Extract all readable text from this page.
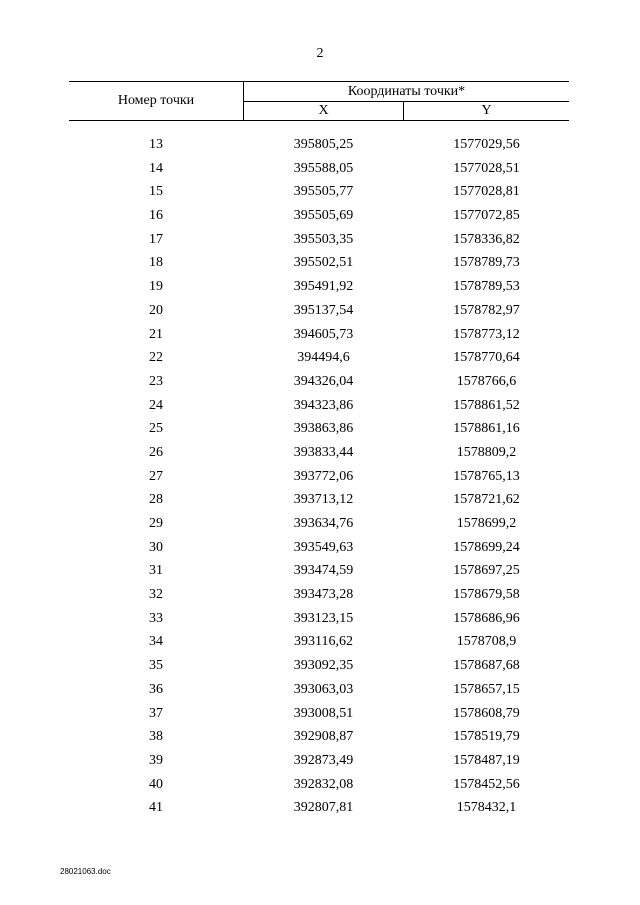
2
Номер точки
Координаты точки*
X	Y
13	395805,25	1577029,56
14	395588,05	1577028,51
15	395505,77	1577028,81
16	395505,69	1577072,85
17	395503,35	1578336,82
18	395502,51	1578789,73
19	395491,92	1578789,53
20	395137,54	1578782,97
21	394605,73	1578773,12
22	394494,6	1578770,64
23	394326,04	1578766,6
24	394323,86	1578861,52
25	393863,86	1578861,16
26	393833,44	1578809,2
27	393772,06	1578765,13
28	393713,12	1578721,62
29	393634,76	1578699,2
30	393549,63	1578699,24
31	393474,59	1578697,25
32	393473,28	1578679,58
33	393123,15	1578686,96
34	393116,62	1578708,9
35	393092,35	1578687,68
36	393063,03	1578657,15
37	393008,51	1578608,79
38	392908,87	1578519,79
39	392873,49	1578487,19
40	392832,08	1578452,56
41	392807,81	1578432,1
28021063.doc
